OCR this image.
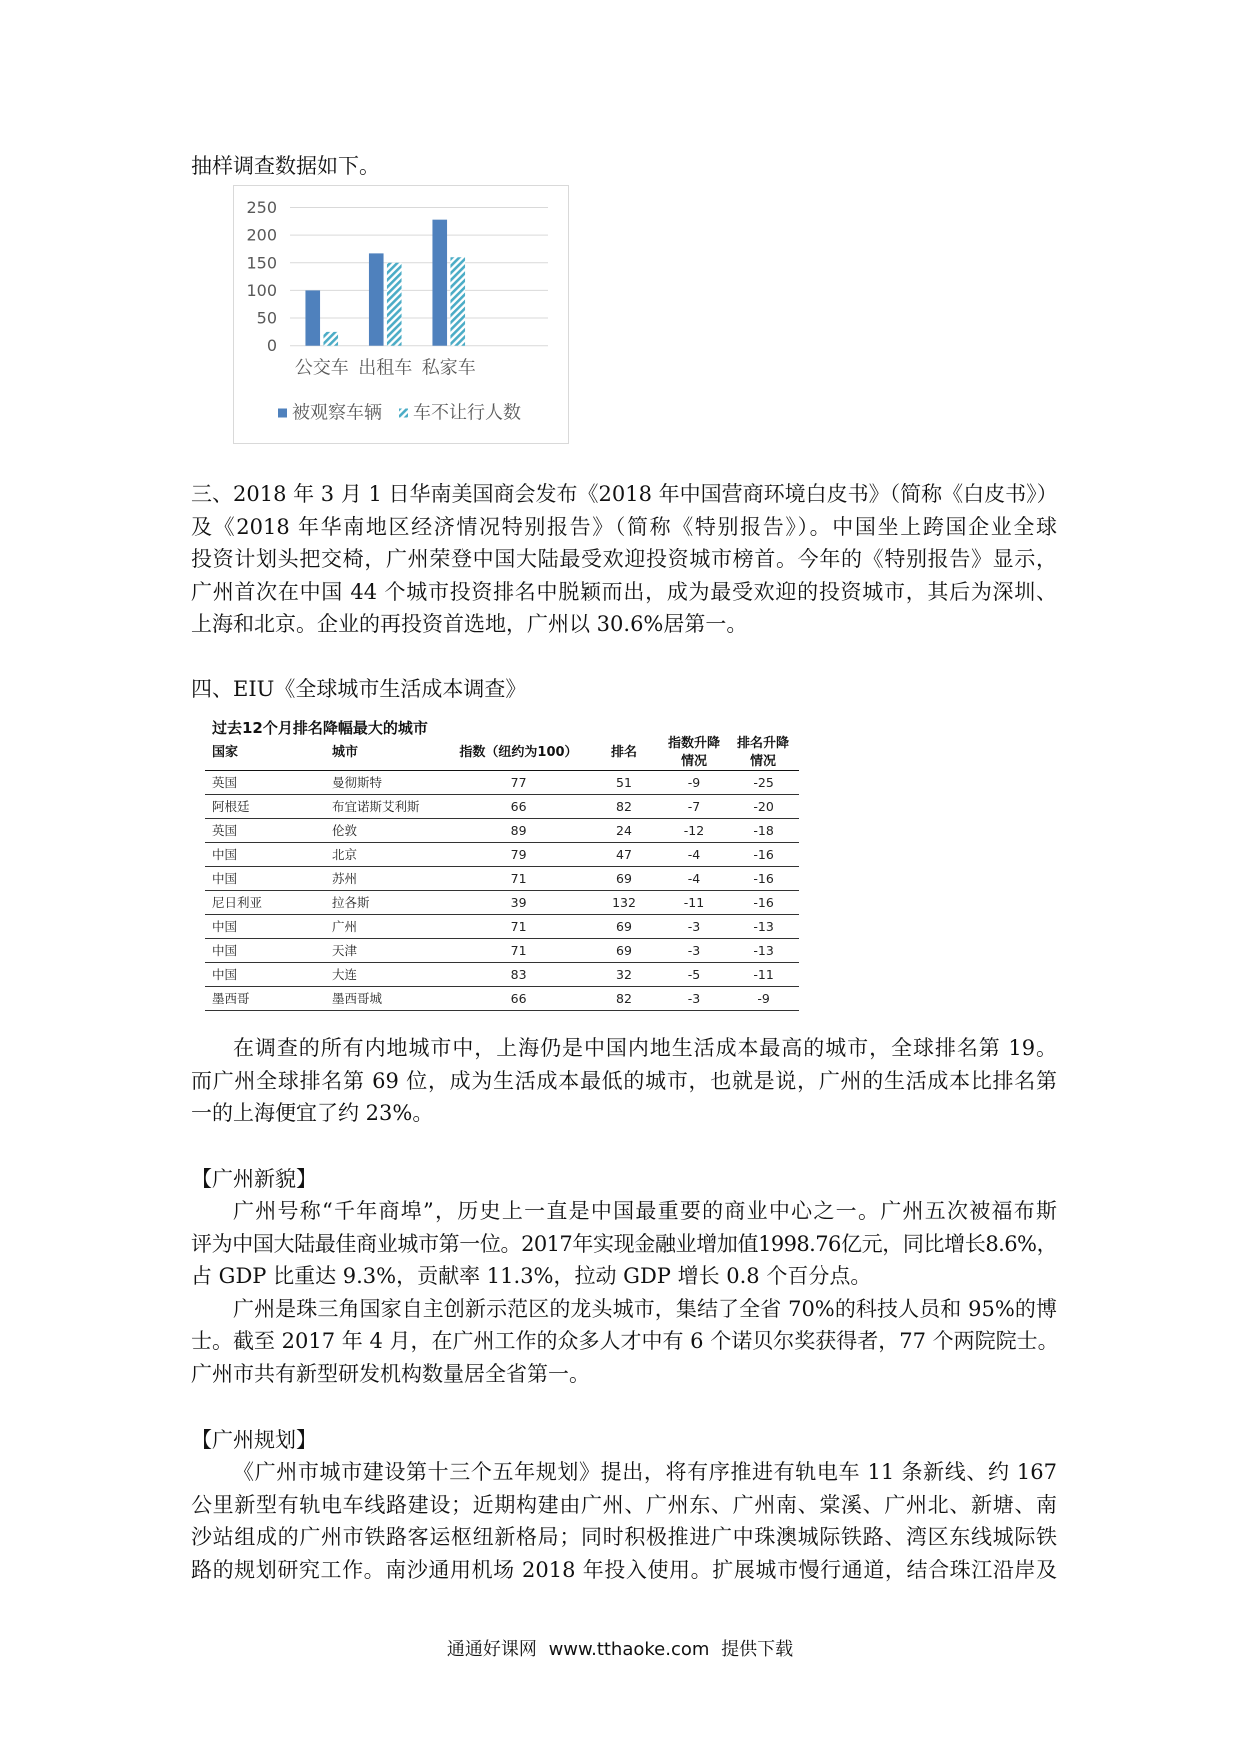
抽样调查数据如下。
0
50
100
150
200
250
公交车 出租车 私家车
被观察车辆 车不让行人数
三、2018 年 3 月 1 日华南美国商会发布《2018 年中国营商环境白皮书》（简称《白皮书》）
及《2018 年华南地区经济情况特别报告》（简称《特别报告》）。中国坐上跨国企业全球
投资计划头把交椅，广州荣登中国大陆最受欢迎投资城市榜首。今年的《特别报告》显示，
广州首次在中国 44 个城市投资排名中脱颖而出，成为最受欢迎的投资城市，其后为深圳、
上海和北京。企业的再投资首选地，广州以 30.6%居第一。
四、EIU《全球城市生活成本调查》
过去12个月排名降幅最大的城市
国家	城市	指数（纽约为100）	排名
指数升降
情况
排名升降
情况
英国	曼彻斯特	77	51	-9	-25
阿根廷	布宜诺斯艾利斯	66	82	-7	-20
英国	伦敦	89	24	-12	-18
中国	北京	79	47	-4	-16
中国	苏州	71	69	-4	-16
尼日利亚	拉各斯	39	132	-11	-16
中国	广州	71	69	-3	-13
中国	天津	71	69	-3	-13
中国	大连	83	32	-5	-11
墨西哥	墨西哥城	66	82	-3	-9
在调查的所有内地城市中，上海仍是中国内地生活成本最高的城市，全球排名第 19。
而广州全球排名第 69 位，成为生活成本最低的城市，也就是说，广州的生活成本比排名第
一的上海便宜了约 23%。
【广州新貌】
广州号称“千年商埠”，历史上一直是中国最重要的商业中心之一。广州五次被福布斯
评为中国大陆最佳商业城市第一位。2017年实现金融业增加值1998.76亿元，同比增长8.6%，
占 GDP 比重达 9.3%，贡献率 11.3%，拉动 GDP 增长 0.8 个百分点。
广州是珠三角国家自主创新示范区的龙头城市，集结了全省 70%的科技人员和 95%的博
士。截至 2017 年 4 月，在广州工作的众多人才中有 6 个诺贝尔奖获得者，77 个两院院士。
广州市共有新型研发机构数量居全省第一。
【广州规划】
《广州市城市建设第十三个五年规划》提出，将有序推进有轨电车 11 条新线、约 167
公里新型有轨电车线路建设；近期构建由广州、广州东、广州南、棠溪、广州北、新塘、南
沙站组成的广州市铁路客运枢纽新格局；同时积极推进广中珠澳城际铁路、湾区东线城际铁
路的规划研究工作。南沙通用机场 2018 年投入使用。扩展城市慢行通道，结合珠江沿岸及
通通好课网 www.tthaoke.com 提供下载
